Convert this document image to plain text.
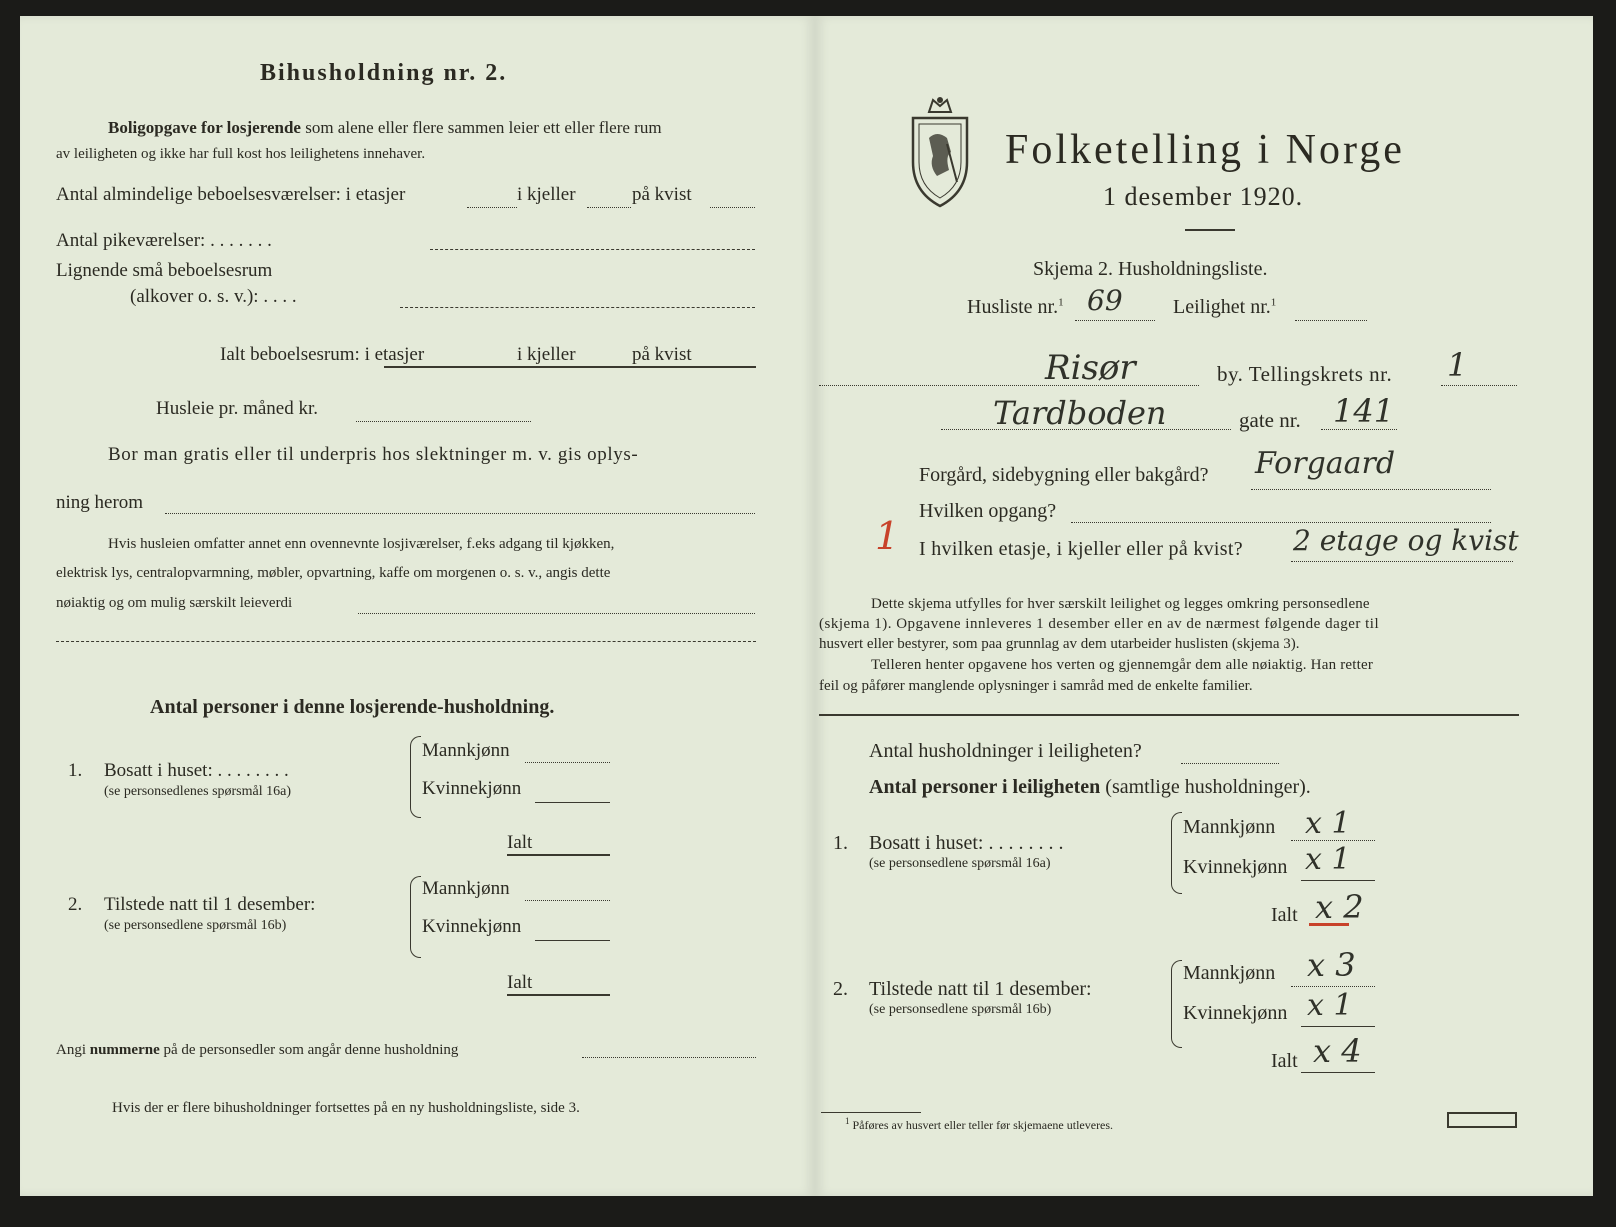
Bihusholdning nr. 2.
Boligopgave for losjerende som alene eller flere sammen leier ett eller flere rum
av leiligheten og ikke har full kost hos leilighetens innehaver.
Antal almindelige beboelsesværelser: i etasjer	i kjeller	på kvist
Antal pikeværelser: . . . . . . .
Lignende små beboelsesrum
(alkover o. s. v.): . . . .
Ialt beboelsesrum: i etasjer	i kjeller	på kvist
Husleie pr. måned kr.
Bor man gratis eller til underpris hos slektninger m. v. gis oplys-
ning herom
Hvis husleien omfatter annet enn ovennevnte losjiværelser, f.eks adgang til kjøkken,
elektrisk lys, centralopvarmning, møbler, opvartning, kaffe om morgenen o. s. v., angis dette
nøiaktig og om mulig særskilt leieverdi
Antal personer i denne losjerende-husholdning.
1. Bosatt i huset: . . . . . . . .
(se personsedlenes spørsmål 16a)
Mannkjønn
Kvinnekjønn
Ialt
2. Tilstede natt til 1 desember:
(se personsedlene spørsmål 16b)
Mannkjønn
Kvinnekjønn
Ialt
Angi nummerne på de personsedler som angår denne husholdning
Hvis der er flere bihusholdninger fortsettes på en ny husholdningsliste, side 3.
Folketelling i Norge
1 desember 1920.
Skjema 2. Husholdningsliste.
Husliste nr.$^1$ 69	Leilighet nr.$^1$
Risør	by. Tellingskrets nr. 1
Tardboden	gate nr. 141
Forgård, sidebygning eller bakgård? Forgaard
Hvilken opgang?
1 I hvilken etasje, i kjeller eller på kvist? 2 etage og kvist
Dette skjema utfylles for hver særskilt leilighet og legges omkring personsedlene
(skjema 1). Opgavene innleveres 1 desember eller en av de nærmest følgende dager til
husvert eller bestyrer, som paa grunnlag av dem utarbeider huslisten (skjema 3).
Telleren henter opgavene hos verten og gjennemgår dem alle nøiaktig. Han retter
feil og påfører manglende oplysninger i samråd med de enkelte familier.
Antal husholdninger i leiligheten?
Antal personer i leiligheten (samtlige husholdninger).
1. Bosatt i huset: . . . . . . . .
(se personsedlene spørsmål 16a)
Mannkjønn x 1
Kvinnekjønn x 1
Ialt x 2
2. Tilstede natt til 1 desember:
(se personsedlene spørsmål 16b)
Mannkjønn x 3
Kvinnekjønn x 1
Ialt x 4
$^1$ Påføres av husvert eller teller før skjemaene utleveres.
